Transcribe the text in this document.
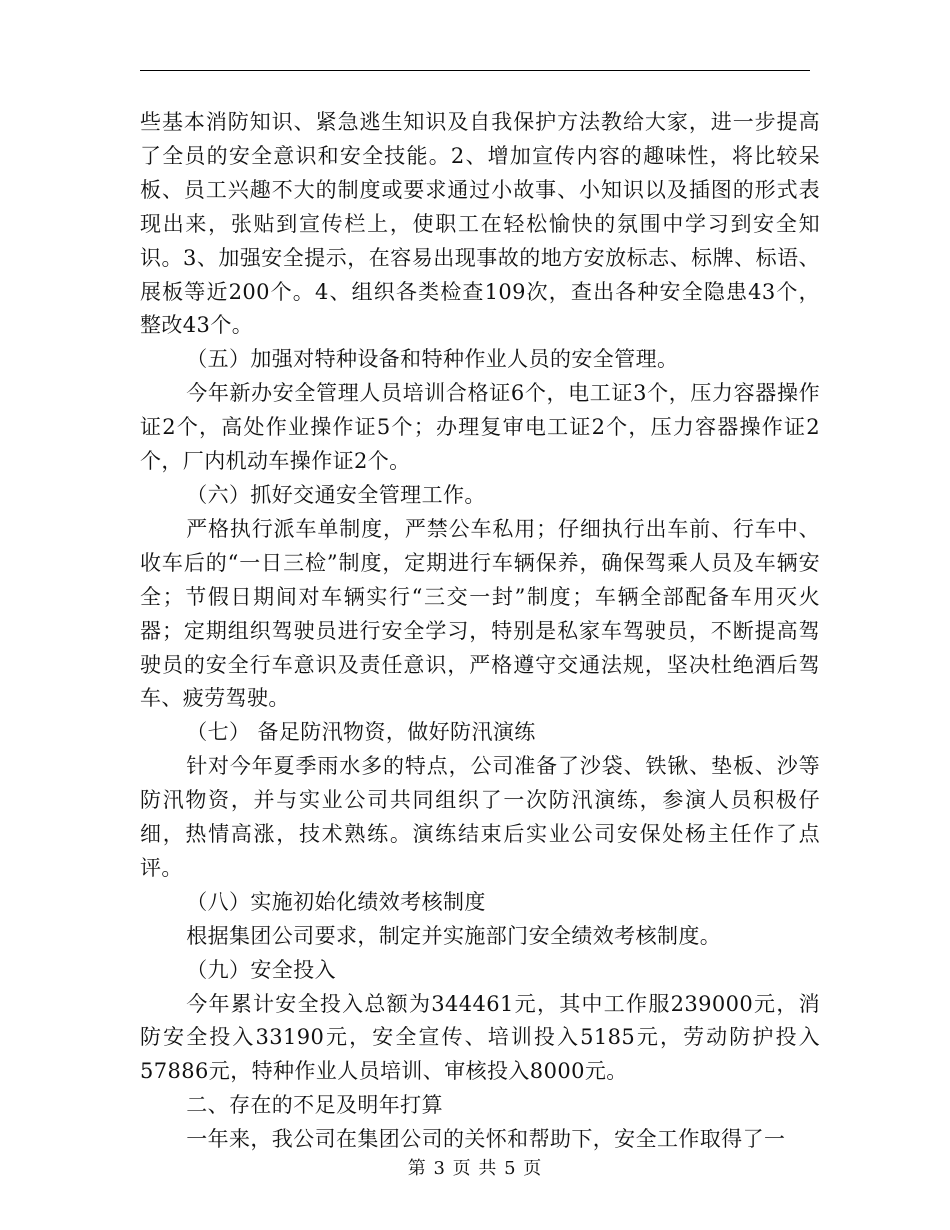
些基本消防知识、紧急逃生知识及自我保护方法教给大家，进一步提高了全员的安全意识和安全技能。2、增加宣传内容的趣味性，将比较呆板、员工兴趣不大的制度或要求通过小故事、小知识以及插图的形式表现出来，张贴到宣传栏上，使职工在轻松愉快的氛围中学习到安全知识。3、加强安全提示，在容易出现事故的地方安放标志、标牌、标语、展板等近200个。4、组织各类检查109次，查出各种安全隐患43个，整改43个。

（五）加强对特种设备和特种作业人员的安全管理。

今年新办安全管理人员培训合格证6个，电工证3个，压力容器操作证2个，高处作业操作证5个；办理复审电工证2个，压力容器操作证2个，厂内机动车操作证2个。

（六）抓好交通安全管理工作。

严格执行派车单制度，严禁公车私用；仔细执行出车前、行车中、收车后的“一日三检”制度，定期进行车辆保养，确保驾乘人员及车辆安全；节假日期间对车辆实行“三交一封”制度；车辆全部配备车用灭火器；定期组织驾驶员进行安全学习，特别是私家车驾驶员，不断提高驾驶员的安全行车意识及责任意识，严格遵守交通法规，坚决杜绝酒后驾车、疲劳驾驶。

（七） 备足防汛物资，做好防汛演练

针对今年夏季雨水多的特点，公司准备了沙袋、铁锹、垫板、沙等防汛物资，并与实业公司共同组织了一次防汛演练，参演人员积极仔细，热情高涨，技术熟练。演练结束后实业公司安保处杨主任作了点评。

（八）实施初始化绩效考核制度

根据集团公司要求，制定并实施部门安全绩效考核制度。

（九）安全投入

今年累计安全投入总额为344461元，其中工作服239000元，消防安全投入33190元，安全宣传、培训投入5185元，劳动防护投入57886元，特种作业人员培训、审核投入8000元。

二、存在的不足及明年打算

一年来，我公司在集团公司的关怀和帮助下，安全工作取得了一

第 3 页 共 5 页
